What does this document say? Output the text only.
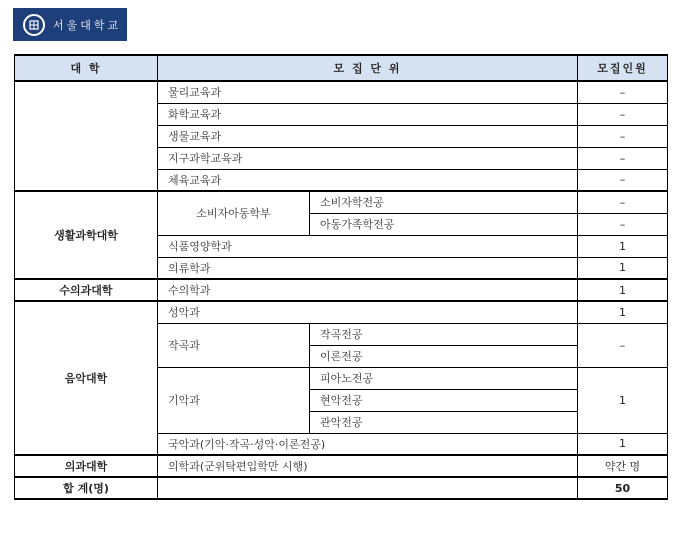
서울대학교
대 학	모 집 단 위		모집인원
	물리교육과		–
	화학교육과		–
	생물교육과		–
	지구과학교육과		–
	체육교육과		–
생활과학대학	소비자아동학부	소비자학전공	–
		아동가족학전공	–
	식품영양학과		1
	의류학과		1
수의과대학	수의학과		1
음악대학	성악과		1
	작곡과	작곡전공	–
		이론전공	
	기악과	피아노전공	1
		현악전공	
		관악전공	
	국악과(기악·작곡·성악·이론전공)		1
의과대학	의학과(군위탁편입학만 시행)		약간 명
합 계(명)			50
